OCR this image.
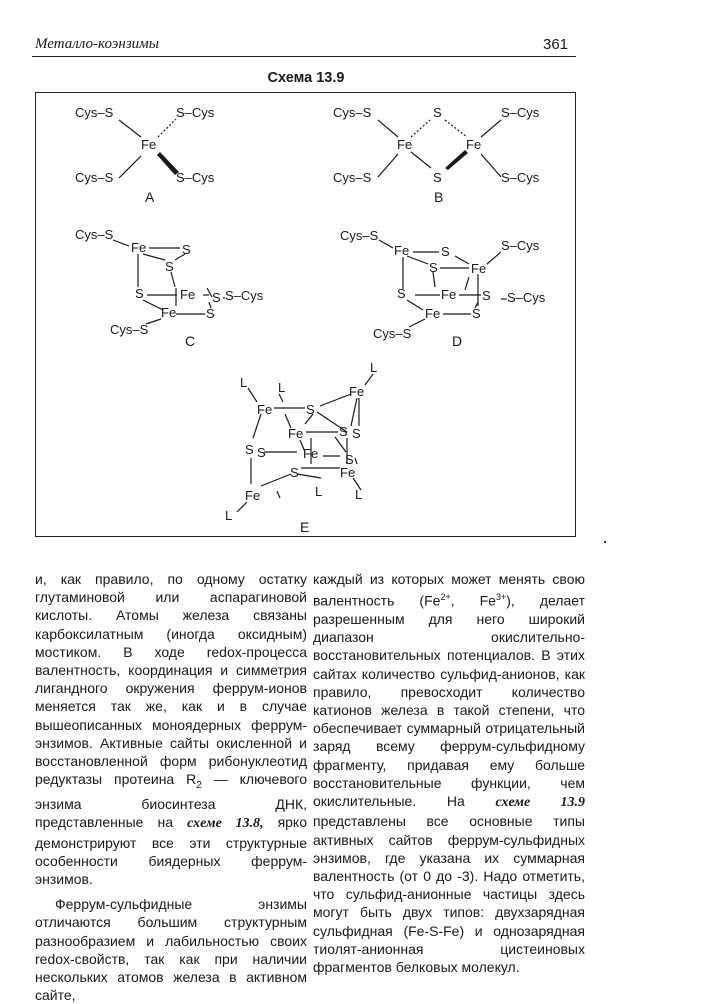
Металло-коэнзимы	361
Схема 13.9
Cys–S
Cys–S
Fe
S–Cys
S–Cys
A
Cys–S
Cys–S
Fe	Fe
S
S
S–Cys
S–Cys
B
Cys–S
Fe	S
S
S	Fe S S–Cys
Fe S
Cys–S
C
Cys–S
Fe S
S	Fe
S–Cys
S	Fe S S–Cys
Fe S
Cys–S	D
L L
L
Fe
Fe	S
Fe	S S
S S	Fe S
S	Fe
L	L
Fe
L
E

и, как правило, по одному остатку глутаминовой или аспарагиновой кислоты. Атомы железа связаны карбоксилатным (иногда оксидным) мостиком. В ходе redox-процесса валентность, координация и симметрия лигандного окружения феррум-ионов меняется так же, как и в случае вышеописанных моноядерных феррум-энзимов. Активные сайты окисленной и восстановленной форм рибонуклеотид редуктазы протеина $R_2$ — ключевого энзима биосинтеза ДНК, представленные на схеме 13.8, ярко демонстрируют все эти структурные особенности биядерных феррум-энзимов.

Феррум-сульфидные энзимы отличаются большим структурным разнообразием и лабильностью своих redox-свойств, так как при наличии нескольких атомов железа в активном сайте,

каждый из которых может менять свою валентность ($Fe^{2+}$, $Fe^{3+}$), делает разрешенным для него широкий диапазон окислительно-восстановительных потенциалов. В этих сайтах количество сульфид-анионов, как правило, превосходит количество катионов железа в такой степени, что обеспечивает суммарный отрицательный заряд всему феррум-сульфидному фрагменту, придавая ему больше восстановительные функции, чем окислительные. На схеме 13.9 представлены все основные типы активных сайтов феррум-сульфидных энзимов, где указана их суммарная валентность (от 0 до -3). Надо отметить, что сульфид-анионные частицы здесь могут быть двух типов: двухзарядная сульфидная (Fe-S-Fe) и однозарядная тиолят-анионная цистеиновых фрагментов белковых молекул.
